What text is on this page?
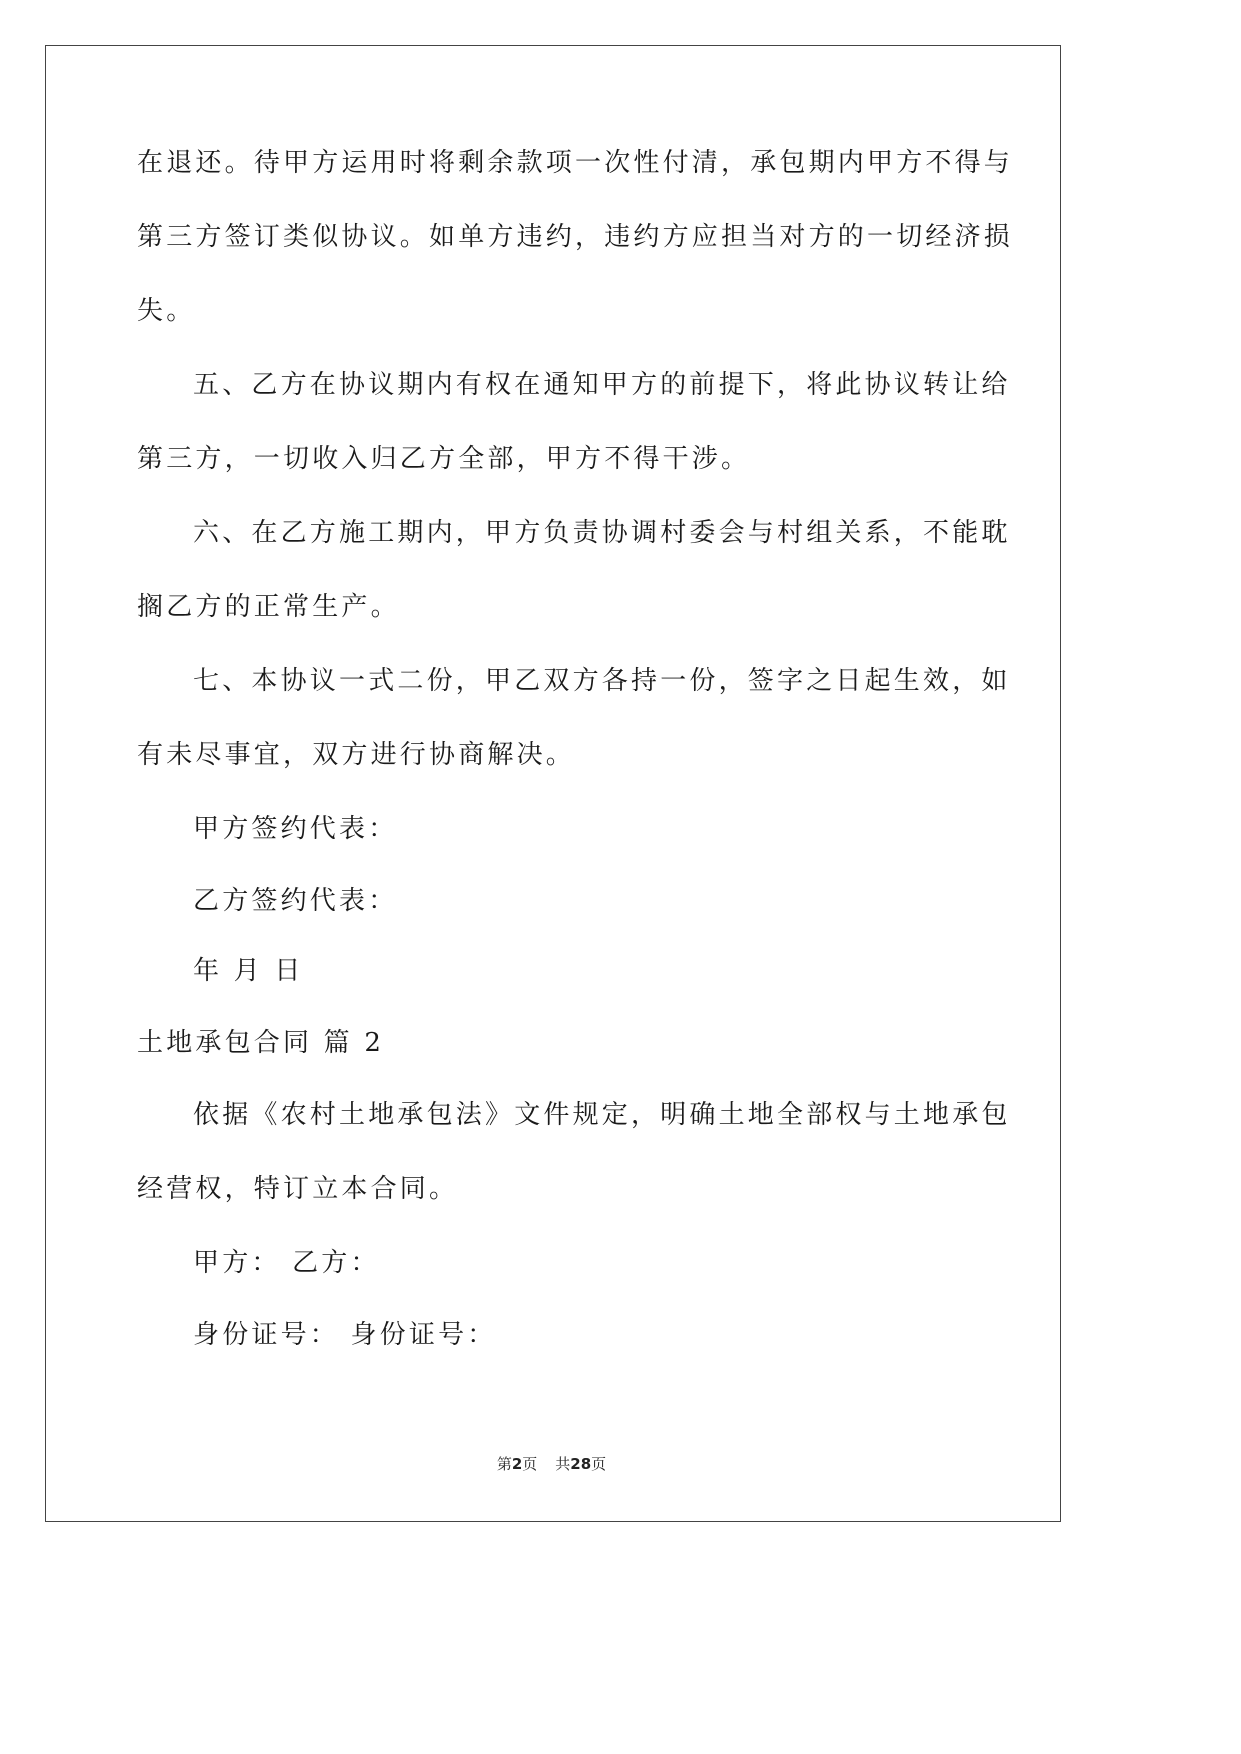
在退还。待甲方运用时将剩余款项一次性付清，承包期内甲方不得与
第三方签订类似协议。如单方违约，违约方应担当对方的一切经济损
失。
五、乙方在协议期内有权在通知甲方的前提下，将此协议转让给
第三方，一切收入归乙方全部，甲方不得干涉。
六、在乙方施工期内，甲方负责协调村委会与村组关系，不能耽
搁乙方的正常生产。
七、本协议一式二份，甲乙双方各持一份，签字之日起生效，如
有未尽事宜，双方进行协商解决。
甲方签约代表：
乙方签约代表：
年 月 日
土地承包合同 篇 2
依据《农村土地承包法》文件规定，明确土地全部权与土地承包
经营权，特订立本合同。
甲方： 乙方：
身份证号： 身份证号：
第2页 共28页
